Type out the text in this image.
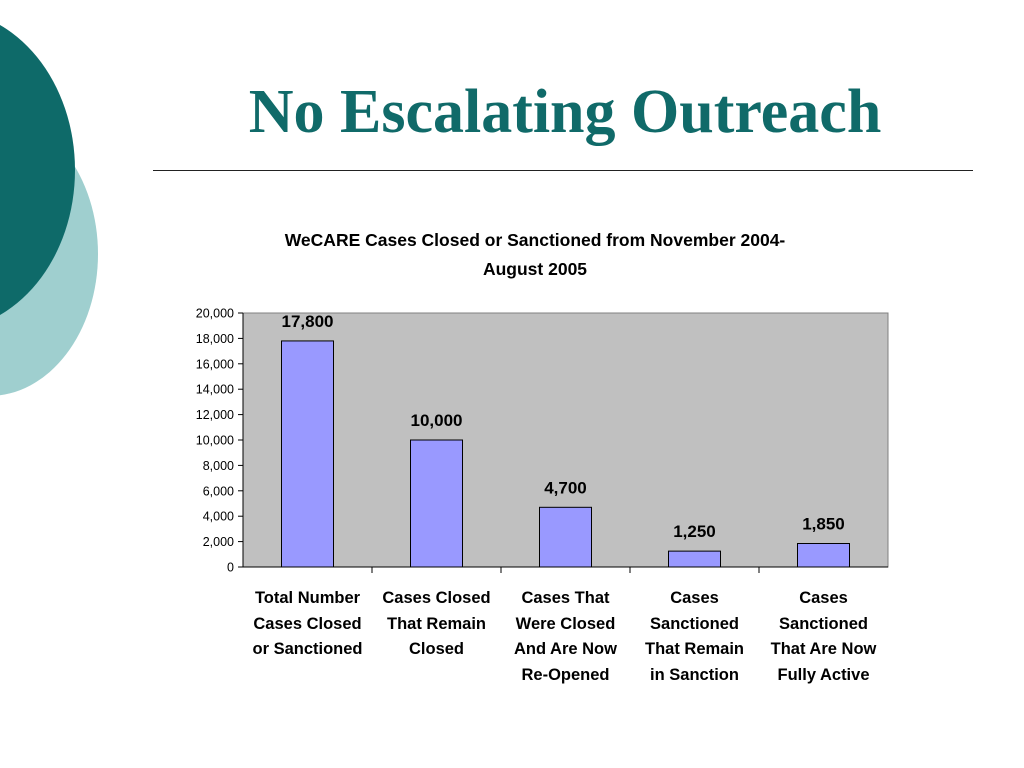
No Escalating Outreach
WeCARE Cases Closed or Sanctioned from November 2004-
August 2005
0
2,000
4,000
6,000
8,000
10,000
12,000
14,000
16,000
18,000
20,000	17,800
10,000
4,700
1,250	1,850
Total Number
Cases Closed
or Sanctioned
Cases Closed
That Remain
Closed
Cases That
Were Closed
And Are Now
Re-Opened
Cases
Sanctioned
That Remain
in Sanction
Cases
Sanctioned
That Are Now
Fully Active
